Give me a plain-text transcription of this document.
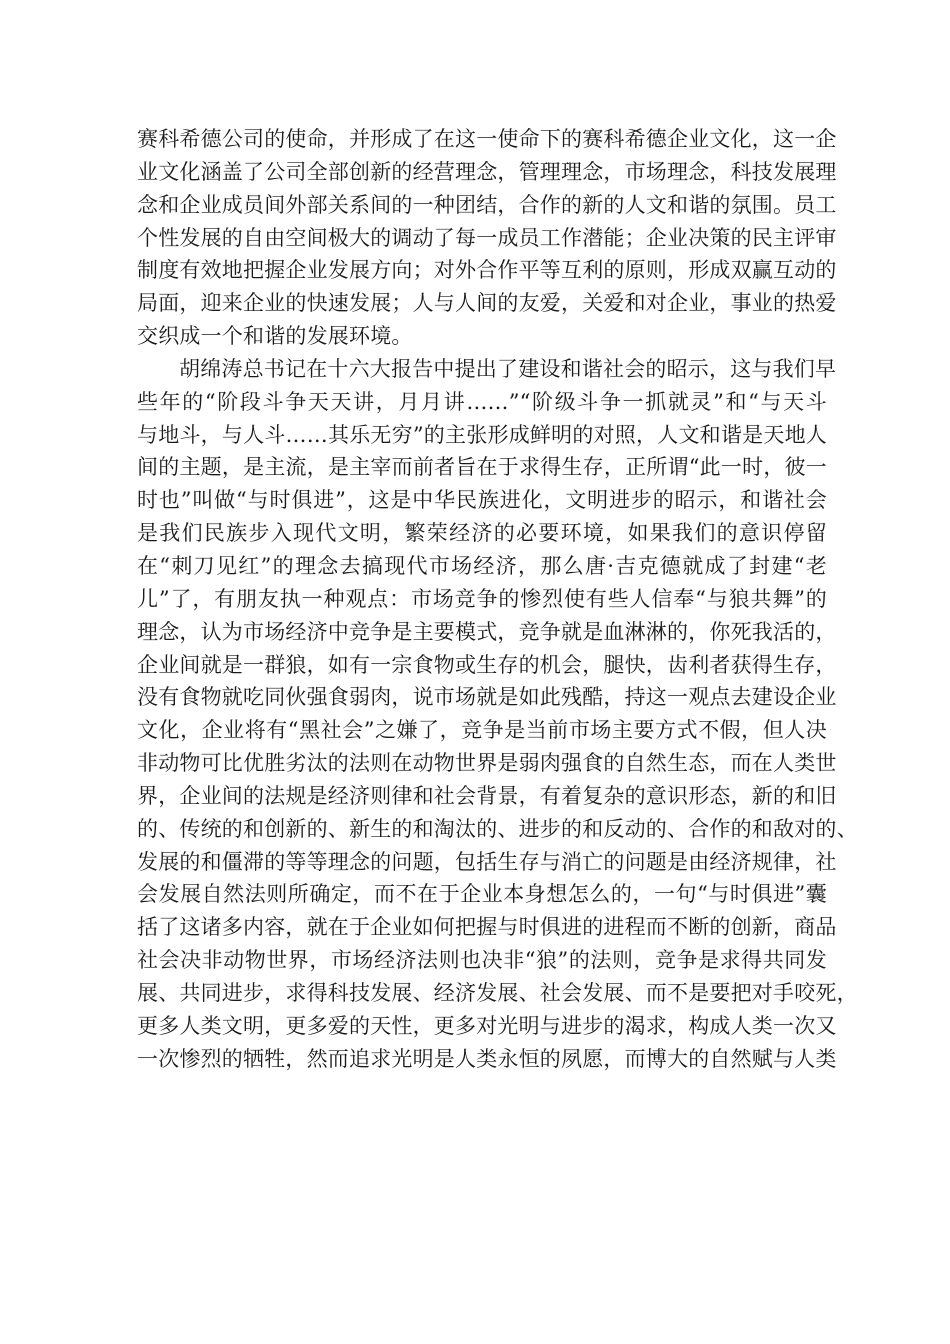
赛科希德公司的使命，并形成了在这一使命下的赛科希德企业文化，这一企
业文化涵盖了公司全部创新的经营理念，管理理念，市场理念，科技发展理
念和企业成员间外部关系间的一种团结，合作的新的人文和谐的氛围。员工
个性发展的自由空间极大的调动了每一成员工作潜能；企业决策的民主评审
制度有效地把握企业发展方向；对外合作平等互利的原则，形成双赢互动的
局面，迎来企业的快速发展；人与人间的友爱，关爱和对企业，事业的热爱
交织成一个和谐的发展环境。
胡绵涛总书记在十六大报告中提出了建设和谐社会的昭示，这与我们早
些年的“阶段斗争天天讲，月月讲……”“阶级斗争一抓就灵”和“与天斗
与地斗，与人斗……其乐无穷”的主张形成鲜明的对照，人文和谐是天地人
间的主题，是主流，是主宰而前者旨在于求得生存，正所谓“此一时，彼一
时也”叫做“与时俱进”，这是中华民族进化，文明进步的昭示，和谐社会
是我们民族步入现代文明，繁荣经济的必要环境，如果我们的意识停留
在“刺刀见红”的理念去搞现代市场经济，那么唐·吉克德就成了封建“老
儿”了，有朋友执一种观点：市场竞争的惨烈使有些人信奉“与狼共舞”的
理念，认为市场经济中竞争是主要模式，竞争就是血淋淋的，你死我活的，
企业间就是一群狼，如有一宗食物或生存的机会，腿快，齿利者获得生存，
没有食物就吃同伙强食弱肉，说市场就是如此残酷，持这一观点去建设企业
文化，企业将有“黑社会”之嫌了，竞争是当前市场主要方式不假，但人决
非动物可比优胜劣汰的法则在动物世界是弱肉强食的自然生态，而在人类世
界，企业间的法规是经济则律和社会背景，有着复杂的意识形态，新的和旧
的、传统的和创新的、新生的和淘汰的、进步的和反动的、合作的和敌对的、
发展的和僵滞的等等理念的问题，包括生存与消亡的问题是由经济规律，社
会发展自然法则所确定，而不在于企业本身想怎么的，一句“与时俱进”囊
括了这诸多内容，就在于企业如何把握与时俱进的进程而不断的创新，商品
社会决非动物世界，市场经济法则也决非“狼”的法则，竞争是求得共同发
展、共同进步，求得科技发展、经济发展、社会发展、而不是要把对手咬死，
更多人类文明，更多爱的天性，更多对光明与进步的渴求，构成人类一次又
一次惨烈的牺牲，然而追求光明是人类永恒的夙愿，而博大的自然赋与人类
